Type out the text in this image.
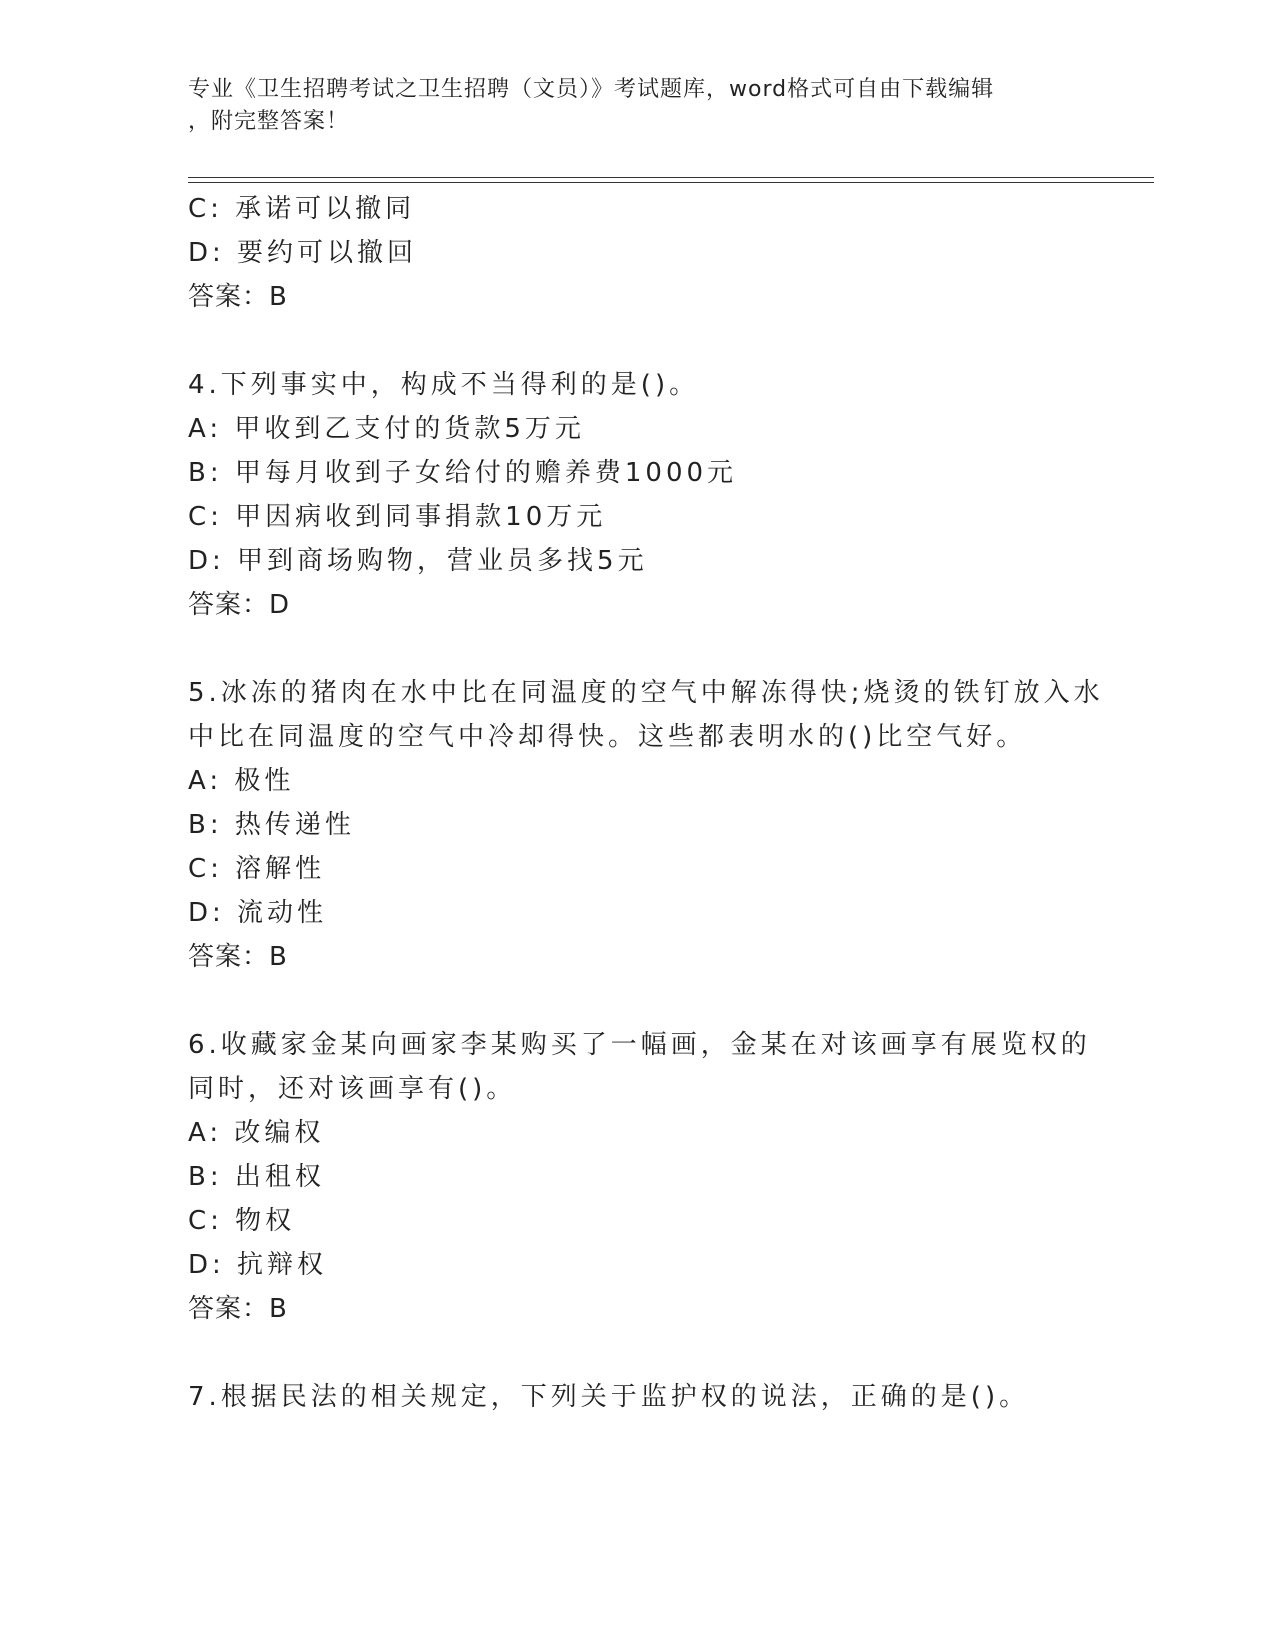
专业《卫生招聘考试之卫生招聘（文员）》考试题库，word格式可自由下载编辑
，附完整答案！
C: 承诺可以撤同
D: 要约可以撤回
答案：B
4.下列事实中，构成不当得利的是()。
A: 甲收到乙支付的货款5万元
B: 甲每月收到子女给付的赡养费1000元
C: 甲因病收到同事捐款10万元
D: 甲到商场购物，营业员多找5元
答案：D
5.冰冻的猪肉在水中比在同温度的空气中解冻得快;烧烫的铁钉放入水
中比在同温度的空气中冷却得快。这些都表明水的()比空气好。
A: 极性
B: 热传递性
C: 溶解性
D: 流动性
答案：B
6.收藏家金某向画家李某购买了一幅画，金某在对该画享有展览权的
同时，还对该画享有()。
A: 改编权
B: 出租权
C: 物权
D: 抗辩权
答案：B
7.根据民法的相关规定，下列关于监护权的说法，正确的是()。
